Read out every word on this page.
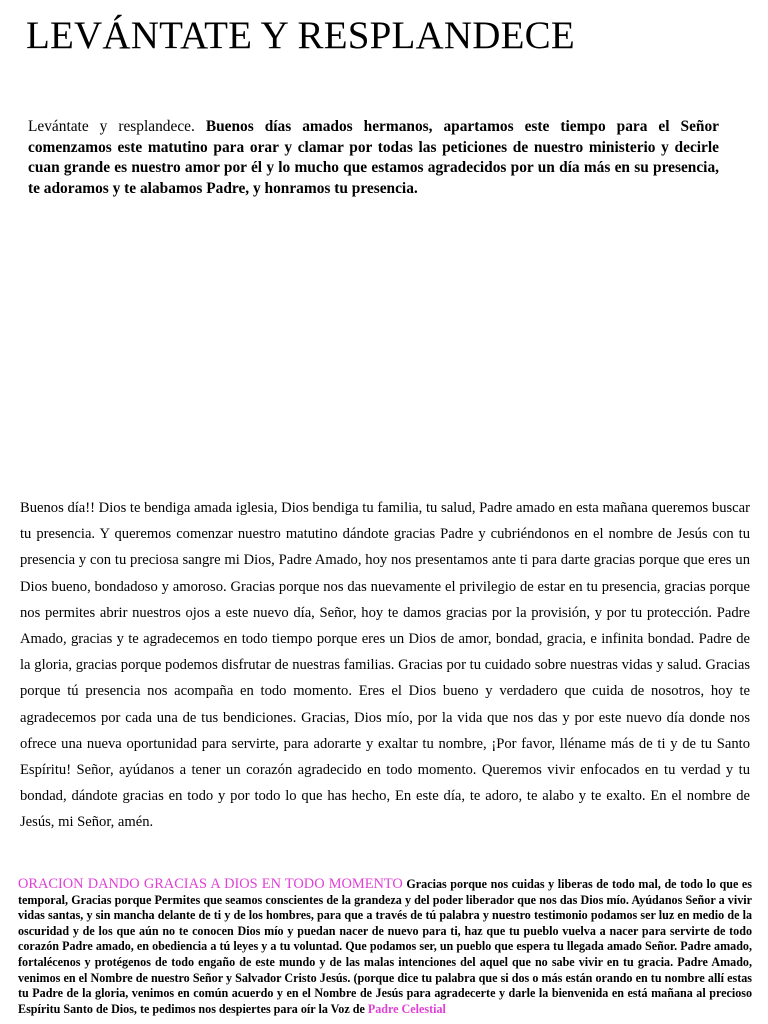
LEVÁNTATE Y RESPLANDECE

Levántate y resplandece. Buenos días amados hermanos, apartamos este tiempo para el Señor comenzamos este matutino para orar y clamar por todas las peticiones de nuestro ministerio y decirle cuan grande es nuestro amor por él y lo mucho que estamos agradecidos por un día más en su presencia, te adoramos y te alabamos Padre, y honramos tu presencia.

Buenos día!! Dios te bendiga amada iglesia, Dios bendiga tu familia, tu salud, Padre amado en esta mañana queremos buscar tu presencia. Y queremos comenzar nuestro matutino dándote gracias Padre y cubriéndonos en el nombre de Jesús con tu presencia y con tu preciosa sangre mi Dios, Padre Amado, hoy nos presentamos ante ti para darte gracias porque que eres un Dios bueno, bondadoso y amoroso. Gracias porque nos das nuevamente el privilegio de estar en tu presencia, gracias porque nos permites abrir nuestros ojos a este nuevo día, Señor, hoy te damos gracias por la provisión, y por tu protección. Padre Amado, gracias y te agradecemos en todo tiempo porque eres un Dios de amor, bondad, gracia, e infinita bondad. Padre de la gloria, gracias porque podemos disfrutar de nuestras familias. Gracias por tu cuidado sobre nuestras vidas y salud. Gracias porque tú presencia nos acompaña en todo momento. Eres el Dios bueno y verdadero que cuida de nosotros, hoy te agradecemos por cada una de tus bendiciones. Gracias, Dios mío, por la vida que nos das y por este nuevo día donde nos ofrece una nueva oportunidad para servirte, para adorarte y exaltar tu nombre, ¡Por favor, lléname más de ti y de tu Santo Espíritu! Señor, ayúdanos a tener un corazón agradecido en todo momento. Queremos vivir enfocados en tu verdad y tu bondad, dándote gracias en todo y por todo lo que has hecho, En este día, te adoro, te alabo y te exalto. En el nombre de Jesús, mi Señor, amén.

ORACIÓN DANDO GRACIAS A DIOS EN TODO MOMENTO Gracias porque nos cuidas y liberas de todo mal, de todo lo que es temporal, Gracias porque Permites que seamos conscientes de la grandeza y del poder liberador que nos das Dios mío. Ayúdanos Señor a vivir vidas santas, y sin mancha delante de ti y de los hombres, para que a través de tú palabra y nuestro testimonio podamos ser luz en medio de la oscuridad y de los que aún no te conocen Dios mío y puedan nacer de nuevo para ti, haz que tu pueblo vuelva a nacer para servirte de todo corazón Padre amado, en obediencia a tú leyes y a tu voluntad. Que podamos ser, un pueblo que espera tu llegada amado Señor. Padre amado, fortalécenos y protégenos de todo engaño de este mundo y de las malas intenciones del aquel que no sabe vivir en tu gracia. Padre Amado, venimos en el Nombre de nuestro Señor y Salvador Cristo Jesús. (porque dice tu palabra que si dos o más están orando en tu nombre allí estas tu Padre de la gloria, venimos en común acuerdo y en el Nombre de Jesús para agradecerte y darle la bienvenida en está mañana al precioso Espíritu Santo de Dios, te pedimos nos despiertes para oír la Voz de Padre Celestial
